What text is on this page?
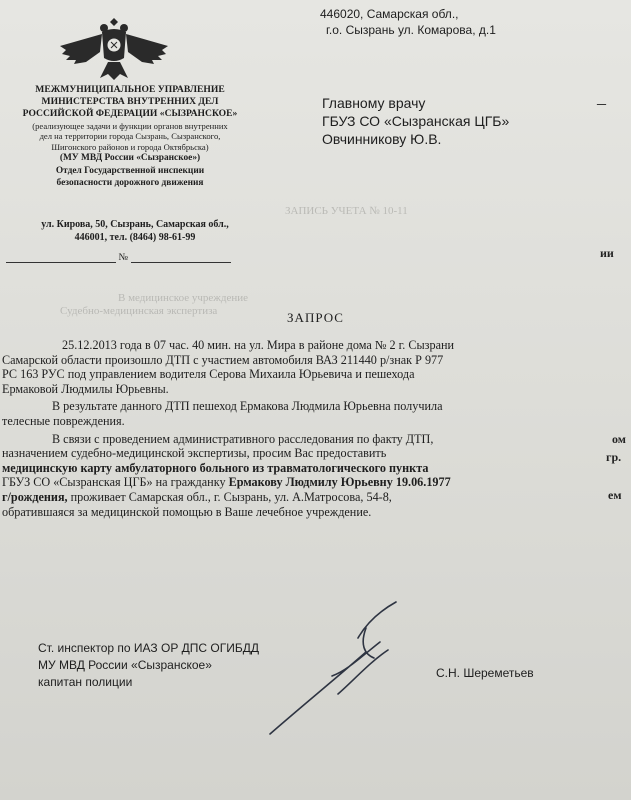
ЗАПИСЬ УЧЕТА № 10-11
В медицинское учреждение
Судебно-медицинская экспертиза
МЕЖМУНИЦИПАЛЬНОЕ УПРАВЛЕНИЕ
МИНИСТЕРСТВА ВНУТРЕННИХ ДЕЛ
РОССИЙСКОЙ ФЕДЕРАЦИИ «СЫЗРАНСКОЕ»
(реализующее задачи и функции органов внутренних
дел на территории города Сызрань, Сызранского,
Шигонского районов и города Октябрьска)
(МУ МВД России «Сызранское»)
Отдел Государственной инспекции
безопасности дорожного движения
ул. Кирова, 50, Сызрань, Самарская обл.,
446001, тел. (8464) 98-61-99
№
446020, Самарская обл.,
г.о. Сызрань ул. Комарова, д.1
Главному врачу
ГБУЗ СО «Сызранская ЦГБ»
Овчинникову Ю.В.
–
ЗАПРОС
25.12.2013 года в 07 час. 40 мин. на ул. Мира в районе дома № 2 г. Сызрани
Самарской области произошло ДТП с участием автомобиля ВАЗ 211440 р/знак Р 977
РС 163 РУС под управлением водителя Серова Михаила Юрьевича и пешехода
Ермаковой Людмилы Юрьевны.
В результате данного ДТП пешеход Ермакова Людмила Юрьевна получила
телесные повреждения.
В связи с проведением административного расследования по факту ДТП,
назначением судебно-медицинской экспертизы, просим Вас предоставить
медицинскую карту амбулаторного больного из травматологического пункта
ГБУЗ СО «Сызранская ЦГБ» на гражданку Ермакову Людмилу Юрьевну 19.06.1977
г/рождения, проживает Самарская обл., г. Сызрань, ул. А.Матросова, 54-8,
обратившаяся за медицинской помощью в Ваше лечебное учреждение.
ии
ом
гр.
ем
Ст. инспектор по ИАЗ ОР ДПС ОГИБДД
МУ МВД России «Сызранское»
капитан полиции
С.Н. Шереметьев
